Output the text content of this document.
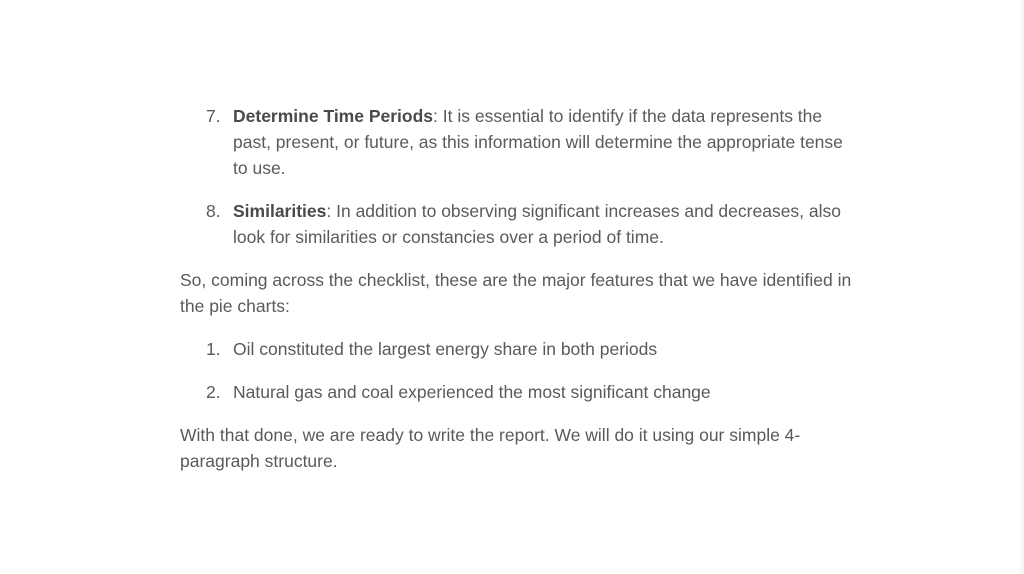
7. Determine Time Periods: It is essential to identify if the data represents the past, present, or future, as this information will determine the appropriate tense to use.
8. Similarities: In addition to observing significant increases and decreases, also look for similarities or constancies over a period of time.

So, coming across the checklist, these are the major features that we have identified in the pie charts:

1. Oil constituted the largest energy share in both periods
2. Natural gas and coal experienced the most significant change

With that done, we are ready to write the report. We will do it using our simple 4-paragraph structure.
